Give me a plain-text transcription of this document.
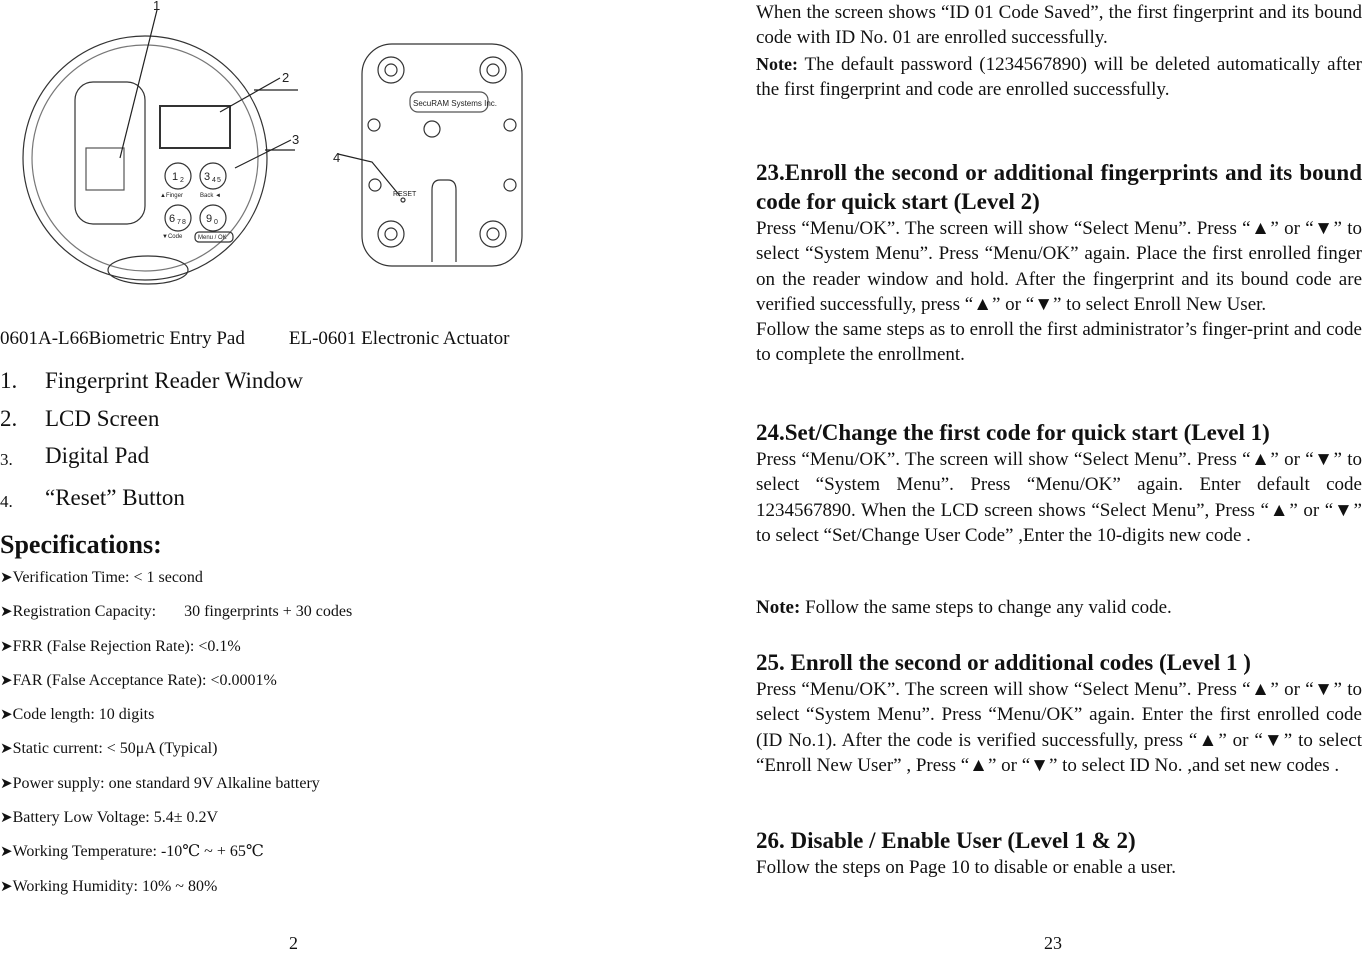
1
2
3
4
SecuRAM Systems Inc.
RESET
1 2 3 4 5
6 7 8 9 0
▲Finger	Back ◄
▼Code	Menu / OK
0601A-L66Biometric Entry Pad EL-0601 Electronic Actuator
1.	Fingerprint Reader Window
2.	LCD Screen
3.	Digital Pad
4.	“Reset” Button
Specifications:
➤Verification Time: < 1 second
➤Registration Capacity:       30 fingerprints + 30 codes
➤FRR (False Rejection Rate): <0.1%
➤FAR (False Acceptance Rate): <0.0001%
➤Code length: 10 digits
➤Static current: < 50μA (Typical)
➤Power supply: one standard 9V Alkaline battery
➤Battery Low Voltage: 5.4± 0.2V
➤Working Temperature: -10℃ ~ + 65℃
➤Working Humidity: 10% ~ 80%
2

When the screen shows “ID 01 Code Saved”, the first fingerprint and its bound code with ID No. 01 are enrolled successfully.

Note: The default password (1234567890) will be deleted automatically after the first fingerprint and code are enrolled successfully.

23.Enroll the second or additional fingerprints and its bound code for quick start (Level 2)

Press “Menu/OK”. The screen will show “Select Menu”. Press “▲” or “▼” to select “System Menu”. Press “Menu/OK” again. Place the first enrolled finger on the reader window and hold. After the fingerprint and its bound code are verified successfully, press “▲” or “▼” to select Enroll New User.

Follow the same steps as to enroll the first administrator’s finger-print and code to complete the enrollment.

24.Set/Change the first code for quick start (Level 1)

Press “Menu/OK”. The screen will show “Select Menu”. Press “▲” or “▼” to select “System Menu”. Press “Menu/OK” again. Enter default code 1234567890. When the LCD screen shows “Select Menu”, Press “▲” or “▼” to select “Set/Change User Code” ,Enter the 10-digits new code .

Note: Follow the same steps to change any valid code.

25. Enroll the second or additional codes (Level 1 )

Press “Menu/OK”. The screen will show “Select Menu”. Press “▲” or “▼” to select “System Menu”. Press “Menu/OK” again. Enter the first enrolled code (ID No.1). After the code is verified successfully, press “▲” or “▼” to select “Enroll New User” , Press “▲” or “▼” to select ID No. ,and set new codes .

26. Disable / Enable User (Level 1 & 2)

Follow the steps on Page 10 to disable or enable a user.

23
